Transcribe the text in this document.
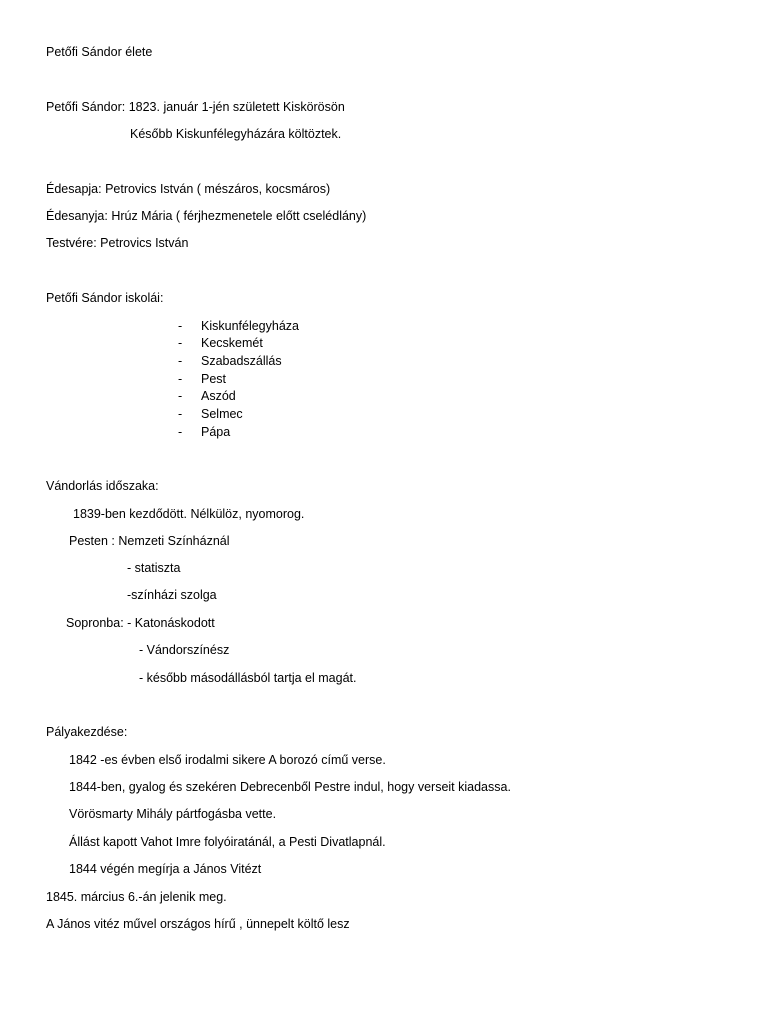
Petőfi Sándor élete
Petőfi Sándor: 1823. január 1-jén született Kiskörösön
Később Kiskunfélegyházára költöztek.
Édesapja: Petrovics István ( mészáros, kocsmáros)
Édesanyja: Hrúz Mária ( férjhezmenetele előtt cselédlány)
Testvére: Petrovics István
Petőfi Sándor iskolái:
- Kiskunfélegyháza
- Kecskemét
- Szabadszállás
- Pest
- Aszód
- Selmec
- Pápa
Vándorlás időszaka:
1839-ben kezdődött. Nélkülöz, nyomorog.
Pesten : Nemzeti Színháznál
- statiszta
-színházi szolga
Sopronba: - Katonáskodott
- Vándorszínész
- később másodállásból tartja el magát.
Pályakezdése:
1842 -es évben első irodalmi sikere A borozó című verse.
1844-ben, gyalog és szekéren Debrecenből Pestre indul, hogy verseit kiadassa.
Vörösmarty Mihály pártfogásba vette.
Állást kapott Vahot Imre folyóiratánál, a Pesti Divatlapnál.
1844 végén megírja a János Vitézt
1845. március 6.-án jelenik meg.
A János vitéz művel országos hírű , ünnepelt költő lesz
